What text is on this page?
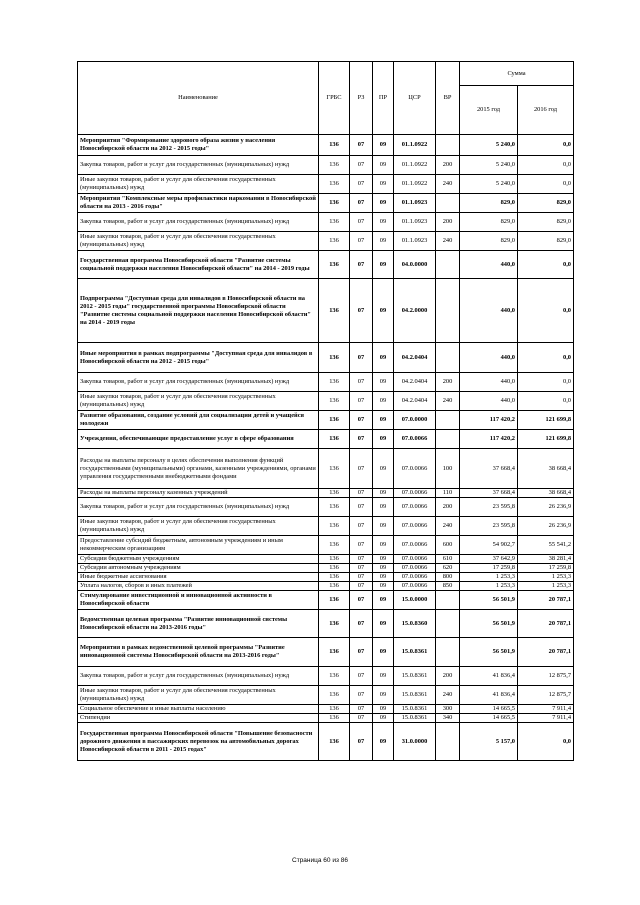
Наименование	ГРБС	РЗ	ПР	ЦСР	ВР	Сумма	
						2015 год	2016 год
Мероприятия "Формирование здорового образа жизни у населения Новосибирской области на 2012 - 2015 годы"	136	07	09	01.1.0922		5 240,0	0,0
Закупка товаров, работ и услуг для государственных (муниципальных) нужд	136	07	09	01.1.0922	200	5 240,0	0,0
Иные закупки товаров, работ и услуг для обеспечения государственных (муниципальных) нужд	136	07	09	01.1.0922	240	5 240,0	0,0
Мероприятия "Комплексные меры профилактики наркомании в Новосибирской области на 2013 - 2016 годы"	136	07	09	01.1.0923		829,0	829,0
Закупка товаров, работ и услуг для государственных (муниципальных) нужд	136	07	09	01.1.0923	200	829,0	829,0
Иные закупки товаров, работ и услуг для обеспечения государственных (муниципальных) нужд	136	07	09	01.1.0923	240	829,0	829,0
Государственная программа Новосибирской области "Развитие системы социальной поддержки населения Новосибирской области" на 2014 - 2019 годы	136	07	09	04.0.0000		440,0	0,0
Подпрограмма "Доступная среда для инвалидов в Новосибирской области на 2012 - 2015 годы" государственной программы Новосибирской области "Развитие системы социальной поддержки населения Новосибирской области" на 2014 - 2019 годы	136	07	09	04.2.0000		440,0	0,0
Иные мероприятия в рамках подпрограммы "Доступная среда для инвалидов в Новосибирской области на 2012 - 2015 годы"	136	07	09	04.2.0404		440,0	0,0
Закупка товаров, работ и услуг для государственных (муниципальных) нужд	136	07	09	04.2.0404	200	440,0	0,0
Иные закупки товаров, работ и услуг для обеспечения государственных (муниципальных) нужд	136	07	09	04.2.0404	240	440,0	0,0
Развитие образования, создание условий для социализации детей и учащейся молодежи	136	07	09	07.0.0000		117 420,2	121 699,8
Учреждения, обеспечивающие предоставление услуг в сфере образования	136	07	09	07.0.0066		117 420,2	121 699,8
Расходы на выплаты персоналу в целях обеспечения выполнения функций государственными (муниципальными) органами, казенными учреждениями, органами управления государственными внебюджетными фондами	136	07	09	07.0.0066	100	37 668,4	38 668,4
Расходы на выплаты персоналу казенных учреждений	136	07	09	07.0.0066	110	37 668,4	38 668,4
Закупка товаров, работ и услуг для государственных (муниципальных) нужд	136	07	09	07.0.0066	200	23 595,8	26 236,9
Иные закупки товаров, работ и услуг для обеспечения государственных (муниципальных) нужд	136	07	09	07.0.0066	240	23 595,8	26 236,9
Предоставление субсидий бюджетным, автономным учреждениям и иным некоммерческим организациям	136	07	09	07.0.0066	600	54 902,7	55 541,2
Субсидии бюджетным учреждениям	136	07	09	07.0.0066	610	37 642,9	38 281,4
Субсидии автономным учреждениям	136	07	09	07.0.0066	620	17 259,8	17 259,8
Иные бюджетные ассигнования	136	07	09	07.0.0066	800	1 253,3	1 253,3
Уплата налогов, сборов и иных платежей	136	07	09	07.0.0066	850	1 253,3	1 253,3
Стимулирование инвестиционной и инновационной активности в Новосибирской области	136	07	09	15.0.0000		56 501,9	20 787,1
Ведомственная целевая программа "Развитие инновационной системы Новосибирской области на 2013-2016 годы"	136	07	09	15.0.8360		56 501,9	20 787,1
Мероприятия в рамках ведомственной целевой программы "Развитие инновационной системы Новосибирской области на 2013-2016 годы"	136	07	09	15.0.8361		56 501,9	20 787,1
Закупка товаров, работ и услуг для государственных (муниципальных) нужд	136	07	09	15.0.8361	200	41 836,4	12 875,7
Иные закупки товаров, работ и услуг для обеспечения государственных (муниципальных) нужд	136	07	09	15.0.8361	240	41 836,4	12 875,7
Социальное обеспечение и иные выплаты населению	136	07	09	15.0.8361	300	14 665,5	7 911,4
Стипендии	136	07	09	15.0.8361	340	14 665,5	7 911,4
Государственная программа Новосибирской области "Повышение безопасности дорожного движения в пассажирских перевозок на автомобильных дорогах Новосибирской области в 2011 - 2015 годах"	136	07	09	31.0.0000		5 157,0	0,0
Страница 60 из 86
